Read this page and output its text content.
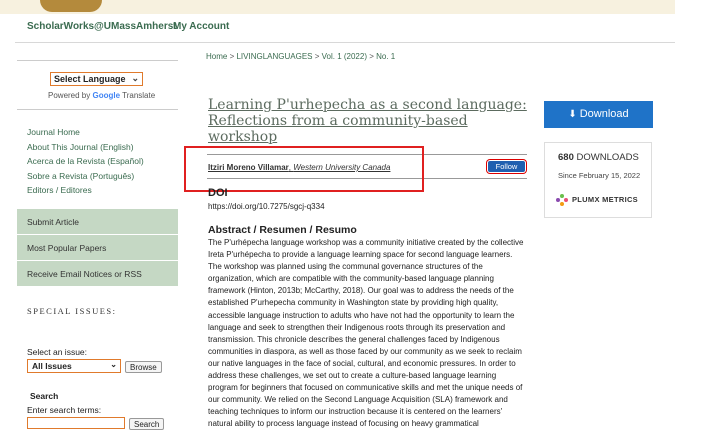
ScholarWorks@UMassAmherst
My Account
Select Language ⌄
Powered by Google Translate
Journal Home
About This Journal (English)
Acerca de la Revista (Español)
Sobre a Revista (Português)
Editors / Editores
Submit Article
Most Popular Papers
Receive Email Notices or RSS
SPECIAL ISSUES:
Select an issue:
All Issues	⌄	Browse
Search
Enter search terms:
Search
Home > LIVINGLANGUAGES > Vol. 1 (2022) > No. 1
Learning P'urhepecha as a second language: Reflections from a community-based workshop
Itziri Moreno Villamar, Western University Canada	Follow
DOI
https://doi.org/10.7275/sgcj-q334
Abstract / Resumen / Resumo

The P'urhépecha language workshop was a community initiative created by the collective Ireta P'urhépecha to provide a language learning space for second language learners. The workshop was planned using the communal governance structures of the organization, which are compatible with the community-based language planning framework (Hinton, 2013b; McCarthy, 2018). Our goal was to address the needs of the established P'urhepecha community in Washington state by providing high quality, accessible language instruction to adults who have not had the opportunity to learn the language and seek to strengthen their Indigenous roots through its preservation and transmission. This chronicle describes the general challenges faced by Indigenous communities in diaspora, as well as those faced by our community as we seek to reclaim our native languages in the face of social, cultural, and economic pressures. In order to address these challenges, we set out to create a culture-based language learning program for beginners that focused on communicative skills and met the unique needs of our community. We relied on the Second Language Acquisition (SLA) framework and teaching techniques to inform our instruction because it is centered on the learners' natural ability to process language instead of focusing on heavy grammatical

⬇ Download
680 DOWNLOADS
Since February 15, 2022
PLUMX METRICS
